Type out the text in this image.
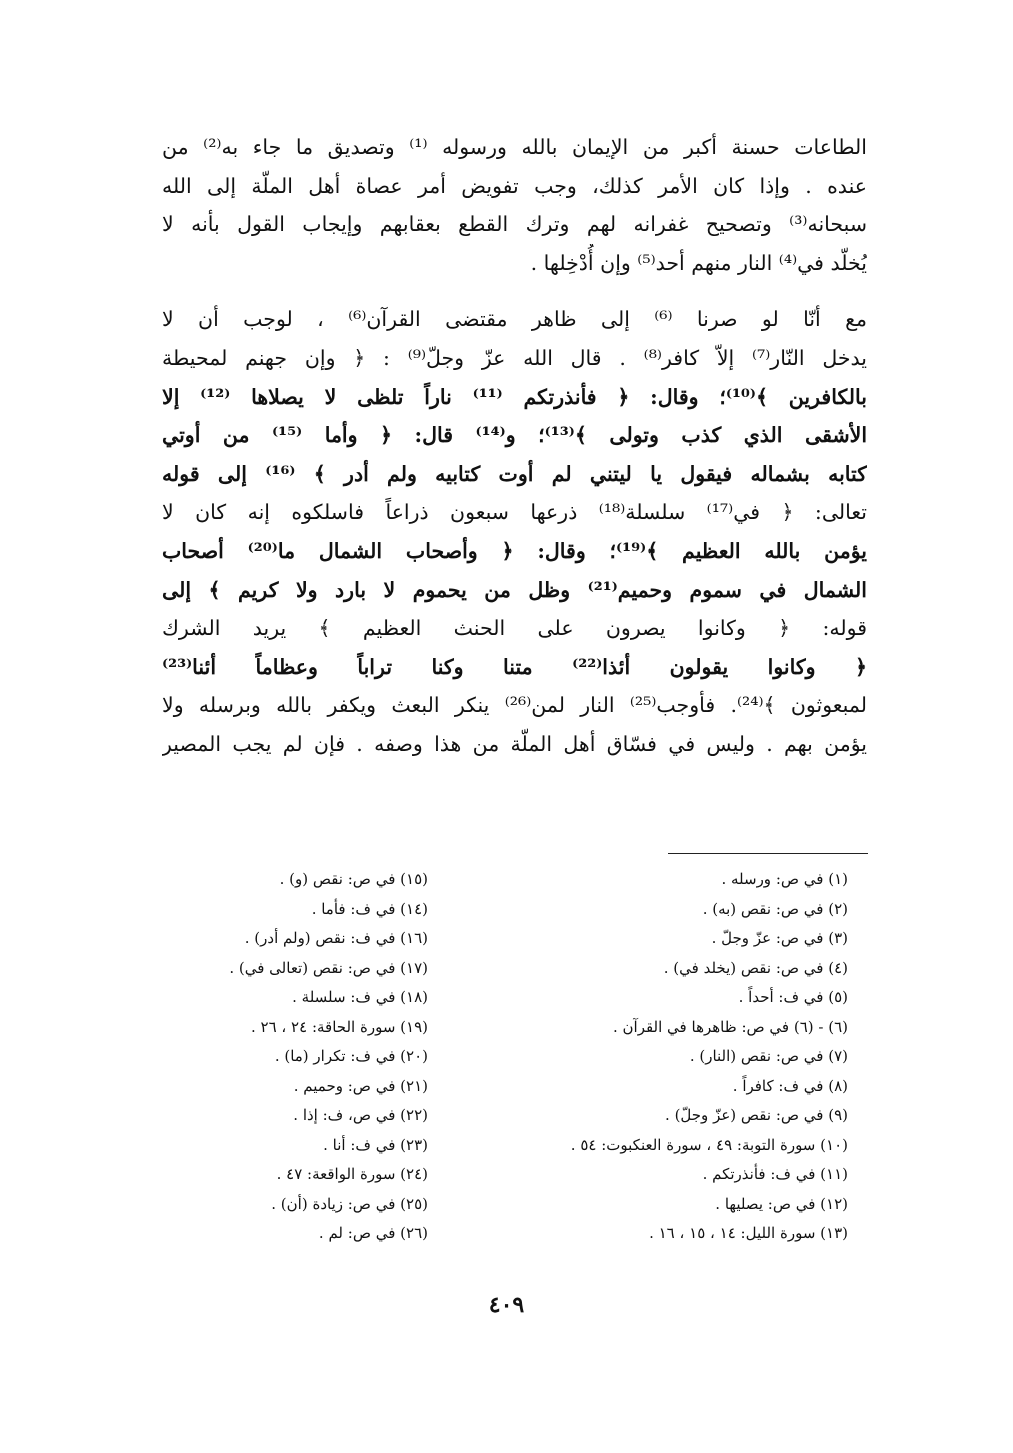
الطاعات حسنة أكبر من الإيمان بالله ورسوله ⁽¹⁾ وتصديق ما جاء به⁽²⁾ من
عنده . وإذا كان الأمر كذلك، وجب تفويض أمر عصاة أهل الملّة إلى الله
سبحانه⁽³⁾ وتصحيح غفرانه لهم وترك القطع بعقابهم وإيجاب القول بأنه لا
يُخلّد في⁽⁴⁾ النار منهم أحد⁽⁵⁾ وإن أُدْخِلها .
مع أنّا لو صرنا ⁽⁶⁾ إلى ظاهر مقتضى القرآن⁽⁶⁾ ، لوجب أن لا
يدخل النّار⁽⁷⁾ إلاّ كافر⁽⁸⁾ . قال الله عزّ وجلّ⁽⁹⁾ : ﴿ وإن جهنم لمحيطة
بالكافرين ﴾⁽¹⁰⁾؛ وقال: ﴿ فأنذرتكم ⁽¹¹⁾ ناراً تلظى لا يصلاها ⁽¹²⁾ إلا
الأشقى الذي كذب وتولى ﴾⁽¹³⁾؛ و⁽¹⁴⁾ قال: ﴿ وأما ⁽¹⁵⁾ من أوتي
كتابه بشماله فيقول يا ليتني لم أوت كتابيه ولم أدر ﴾ ⁽¹⁶⁾ إلى قوله
تعالى: ﴿ في⁽¹⁷⁾ سلسلة⁽¹⁸⁾ ذرعها سبعون ذراعاً فاسلكوه إنه كان لا
يؤمن بالله العظيم ﴾⁽¹⁹⁾؛ وقال: ﴿ وأصحاب الشمال ما⁽²⁰⁾ أصحاب
الشمال في سموم وحميم⁽²¹⁾ وظل من يحموم لا بارد ولا كريم ﴾ إلى
قوله: ﴿ وكانوا يصرون على الحنث العظيم ﴾ يريد الشرك
﴿ وكانوا يقولون أئذا⁽²²⁾ متنا وكنا تراباً وعظاماً أئنا⁽²³⁾
لمبعوثون ﴾⁽²⁴⁾. فأوجب⁽²⁵⁾ النار لمن⁽²⁶⁾ ينكر البعث ويكفر بالله وبرسله ولا
يؤمن بهم . وليس في فسّاق أهل الملّة من هذا وصفه . فإن لم يجب المصير
(١) في ص: ورسله .
(٢) في ص: نقص (به) .
(٣) في ص: عزّ وجلّ .
(٤) في ص: نقص (يخلد في) .
(٥) في ف: أحداً .
(٦) - (٦) في ص: ظاهرها في القرآن .
(٧) في ص: نقص (النار) .
(٨) في ف: كافراً .
(٩) في ص: نقص (عزّ وجلّ) .
(١٠) سورة التوبة: ٤٩ ، سورة العنكبوت: ٥٤ .
(١١) في ف: فأنذرتكم .
(١٢) في ص: يصليها .
(١٣) سورة الليل: ١٤ ، ١٥ ، ١٦ .
(١٥) في ص: نقص (و) .
(١٤) في ف: فأما .
(١٦) في ف: نقص (ولم أدر) .
(١٧) في ص: نقص (تعالى في) .
(١٨) في ف: سلسلة .
(١٩) سورة الحاقة: ٢٤ ، ٢٦ .
(٢٠) في ف: تكرار (ما) .
(٢١) في ص: وحميم .
(٢٢) في ص، ف: إذا .
(٢٣) في ف: أنا .
(٢٤) سورة الواقعة: ٤٧ .
(٢٥) في ص: زيادة (أن) .
(٢٦) في ص: لم .
٤٠٩
